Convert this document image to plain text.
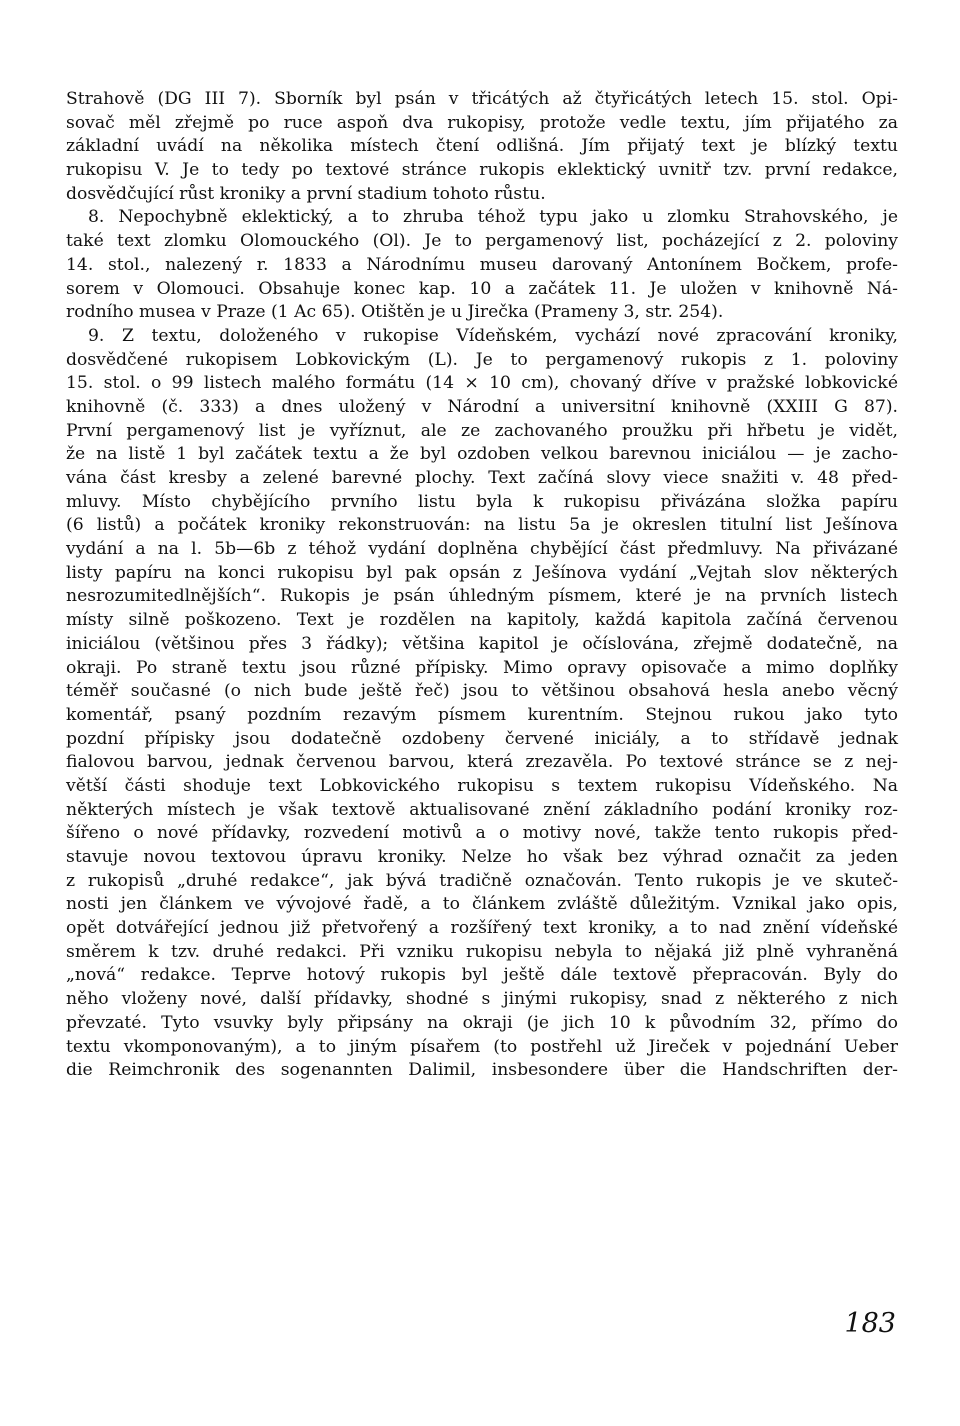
Strahově (DG III 7). Sborník byl psán v třicátých až čtyřicátých letech 15. stol. Opi-
sovač měl zřejmě po ruce aspoň dva rukopisy, protože vedle textu, jím přijatého za
základní uvádí na několika místech čtení odlišná. Jím přijatý text je blízký textu
rukopisu V. Je to tedy po textové stránce rukopis eklektický uvnitř tzv. první redakce,
dosvědčující růst kroniky a první stadium tohoto růstu.
8. Nepochybně eklektický, a to zhruba téhož typu jako u zlomku Strahovského, je
také text zlomku Olomouckého (Ol). Je to pergamenový list, pocházející z 2. poloviny
14. stol., nalezený r. 1833 a Národnímu museu darovaný Antonínem Bočkem, profe-
sorem v Olomouci. Obsahuje konec kap. 10 a začátek 11. Je uložen v knihovně Ná-
rodního musea v Praze (1 Ac 65). Otištěn je u Jirečka (Prameny 3, str. 254).
9. Z textu, doloženého v rukopise Vídeňském, vychází nové zpracování kroniky,
dosvědčené rukopisem Lobkovickým (L). Je to pergamenový rukopis z 1. poloviny
15. stol. o 99 listech malého formátu (14 × 10 cm), chovaný dříve v pražské lobkovické
knihovně (č. 333) a dnes uložený v Národní a universitní knihovně (XXIII G 87).
První pergamenový list je vyříznut, ale ze zachovaného proužku při hřbetu je vidět,
že na listě 1 byl začátek textu a že byl ozdoben velkou barevnou iniciálou — je zacho-
vána část kresby a zelené barevné plochy. Text začíná slovy viece snažiti v. 48 před-
mluvy. Místo chybějícího prvního listu byla k rukopisu přivázána složka papíru
(6 listů) a počátek kroniky rekonstruován: na listu 5a je okreslen titulní list Ješínova
vydání a na l. 5b—6b z téhož vydání doplněna chybějící část předmluvy. Na přivázané
listy papíru na konci rukopisu byl pak opsán z Ješínova vydání „Vejtah slov některých
nesrozumitedlnějších“. Rukopis je psán úhledným písmem, které je na prvních listech
místy silně poškozeno. Text je rozdělen na kapitoly, každá kapitola začíná červenou
iniciálou (většinou přes 3 řádky); většina kapitol je očíslována, zřejmě dodatečně, na
okraji. Po straně textu jsou různé přípisky. Mimo opravy opisovače a mimo doplňky
téměř současné (o nich bude ještě řeč) jsou to většinou obsahová hesla anebo věcný
komentář, psaný pozdním rezavým písmem kurentním. Stejnou rukou jako tyto
pozdní přípisky jsou dodatečně ozdobeny červené iniciály, a to střídavě jednak
fialovou barvou, jednak červenou barvou, která zrezavěla. Po textové stránce se z nej-
větší části shoduje text Lobkovického rukopisu s textem rukopisu Vídeňského. Na
některých místech je však textově aktualisované znění základního podání kroniky roz-
šířeno o nové přídavky, rozvedení motivů a o motivy nové, takže tento rukopis před-
stavuje novou textovou úpravu kroniky. Nelze ho však bez výhrad označit za jeden
z rukopisů „druhé redakce“, jak bývá tradičně označován. Tento rukopis je ve skuteč-
nosti jen článkem ve vývojové řadě, a to článkem zvláště důležitým. Vznikal jako opis,
opět dotvářející jednou již přetvořený a rozšířený text kroniky, a to nad znění vídeňské
směrem k tzv. druhé redakci. Při vzniku rukopisu nebyla to nějaká již plně vyhraněná
„nová“ redakce. Teprve hotový rukopis byl ještě dále textově přepracován. Byly do
něho vloženy nové, další přídavky, shodné s jinými rukopisy, snad z některého z nich
převzaté. Tyto vsuvky byly připsány na okraji (je jich 10 k původním 32, přímo do
textu vkomponovaným), a to jiným písařem (to postřehl už Jireček v pojednání Ueber
die Reimchronik des sogenannten Dalimil, insbesondere über die Handschriften der-
183
